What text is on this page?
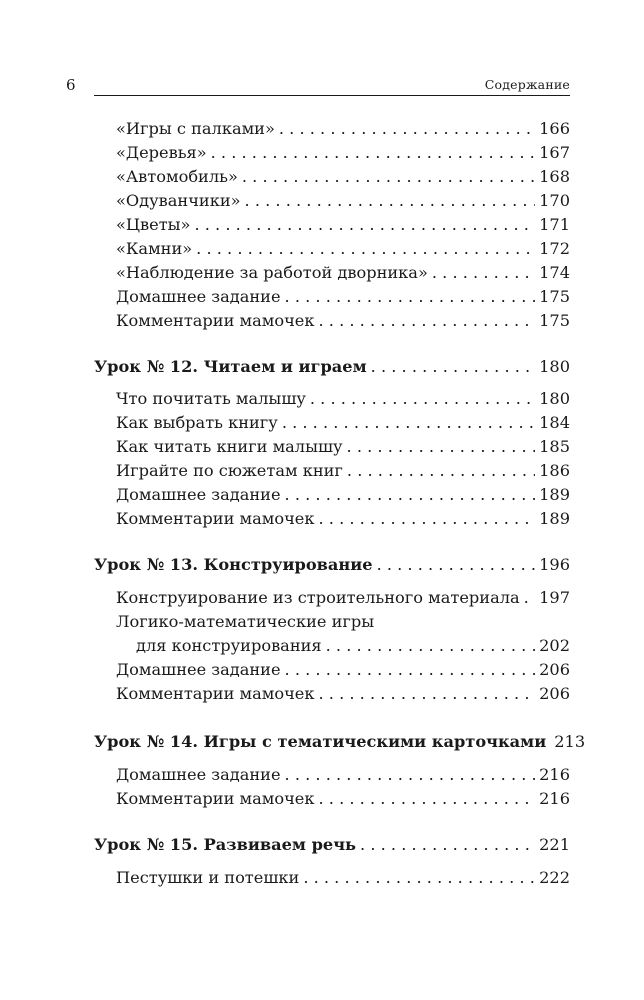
6	Содержание
«Игры с палками» . . .	166
«Деревья» . . .	167
«Автомобиль» . . .	168
«Одуванчики» . . .	170
«Цветы» . . .	171
«Камни» . . .	172
«Наблюдение за работой дворника» . . .	174
Домашнее задание . . .	175
Комментарии мамочек . . .	175
Урок № 12. Читаем и играем . . .	180
Что почитать малышу . . .	180
Как выбрать книгу . . .	184
Как читать книги малышу . . .	185
Играйте по сюжетам книг . . .	186
Домашнее задание . . .	189
Комментарии мамочек . . .	189
Урок № 13. Конструирование . . .	196
Конструирование из строительного материала . . . 197
Логико-математические игры
для конструирования . . .	202
Домашнее задание . . .	206
Комментарии мамочек . . .	206
Урок № 14. Игры с тематическими карточками 213
Домашнее задание . . .	216
Комментарии мамочек . . .	216
Урок № 15. Развиваем речь . . .	221
Пестушки и потешки . . .	222
